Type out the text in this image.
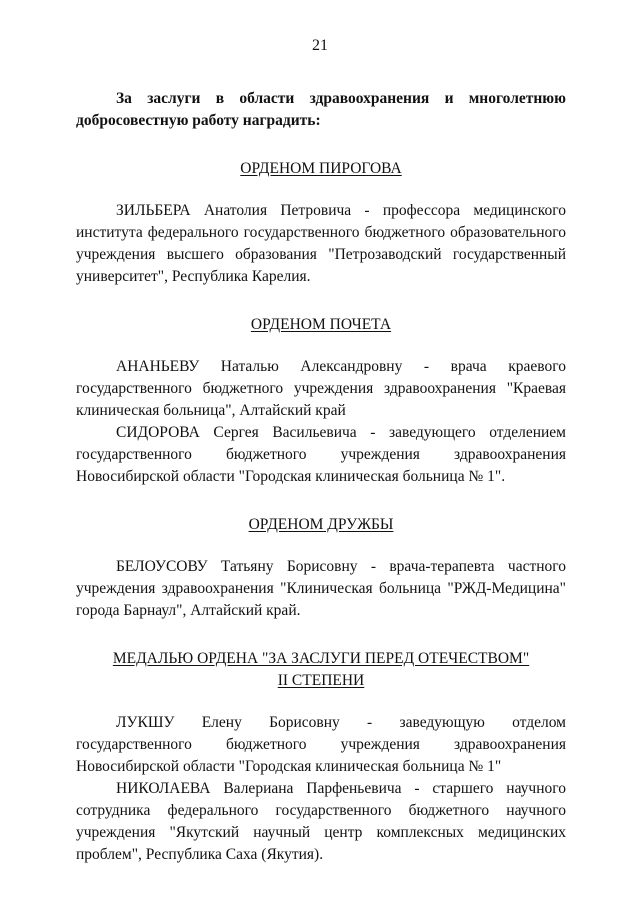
21

За заслуги в области здравоохранения и многолетнюю добросовестную работу наградить:

ОРДЕНОМ ПИРОГОВА

ЗИЛЬБЕРА Анатолия Петровича - профессора медицинского института федерального государственного бюджетного образовательного учреждения высшего образования "Петрозаводский государственный университет", Республика Карелия.

ОРДЕНОМ ПОЧЕТА

АНАНЬЕВУ Наталью Александровну - врача краевого государственного бюджетного учреждения здравоохранения "Краевая клиническая больница", Алтайский край

СИДОРОВА Сергея Васильевича - заведующего отделением государственного бюджетного учреждения здравоохранения Новосибирской области "Городская клиническая больница № 1".

ОРДЕНОМ ДРУЖБЫ

БЕЛОУСОВУ Татьяну Борисовну - врача-терапевта частного учреждения здравоохранения "Клиническая больница "РЖД-Медицина" города Барнаул", Алтайский край.

МЕДАЛЬЮ ОРДЕНА "ЗА ЗАСЛУГИ ПЕРЕД ОТЕЧЕСТВОМ"

II СТЕПЕНИ

ЛУКШУ Елену Борисовну - заведующую отделом государственного бюджетного учреждения здравоохранения Новосибирской области "Городская клиническая больница № 1"

НИКОЛАЕВА Валериана Парфеньевича - старшего научного сотрудника федерального государственного бюджетного научного учреждения "Якутский научный центр комплексных медицинских проблем", Республика Саха (Якутия).
